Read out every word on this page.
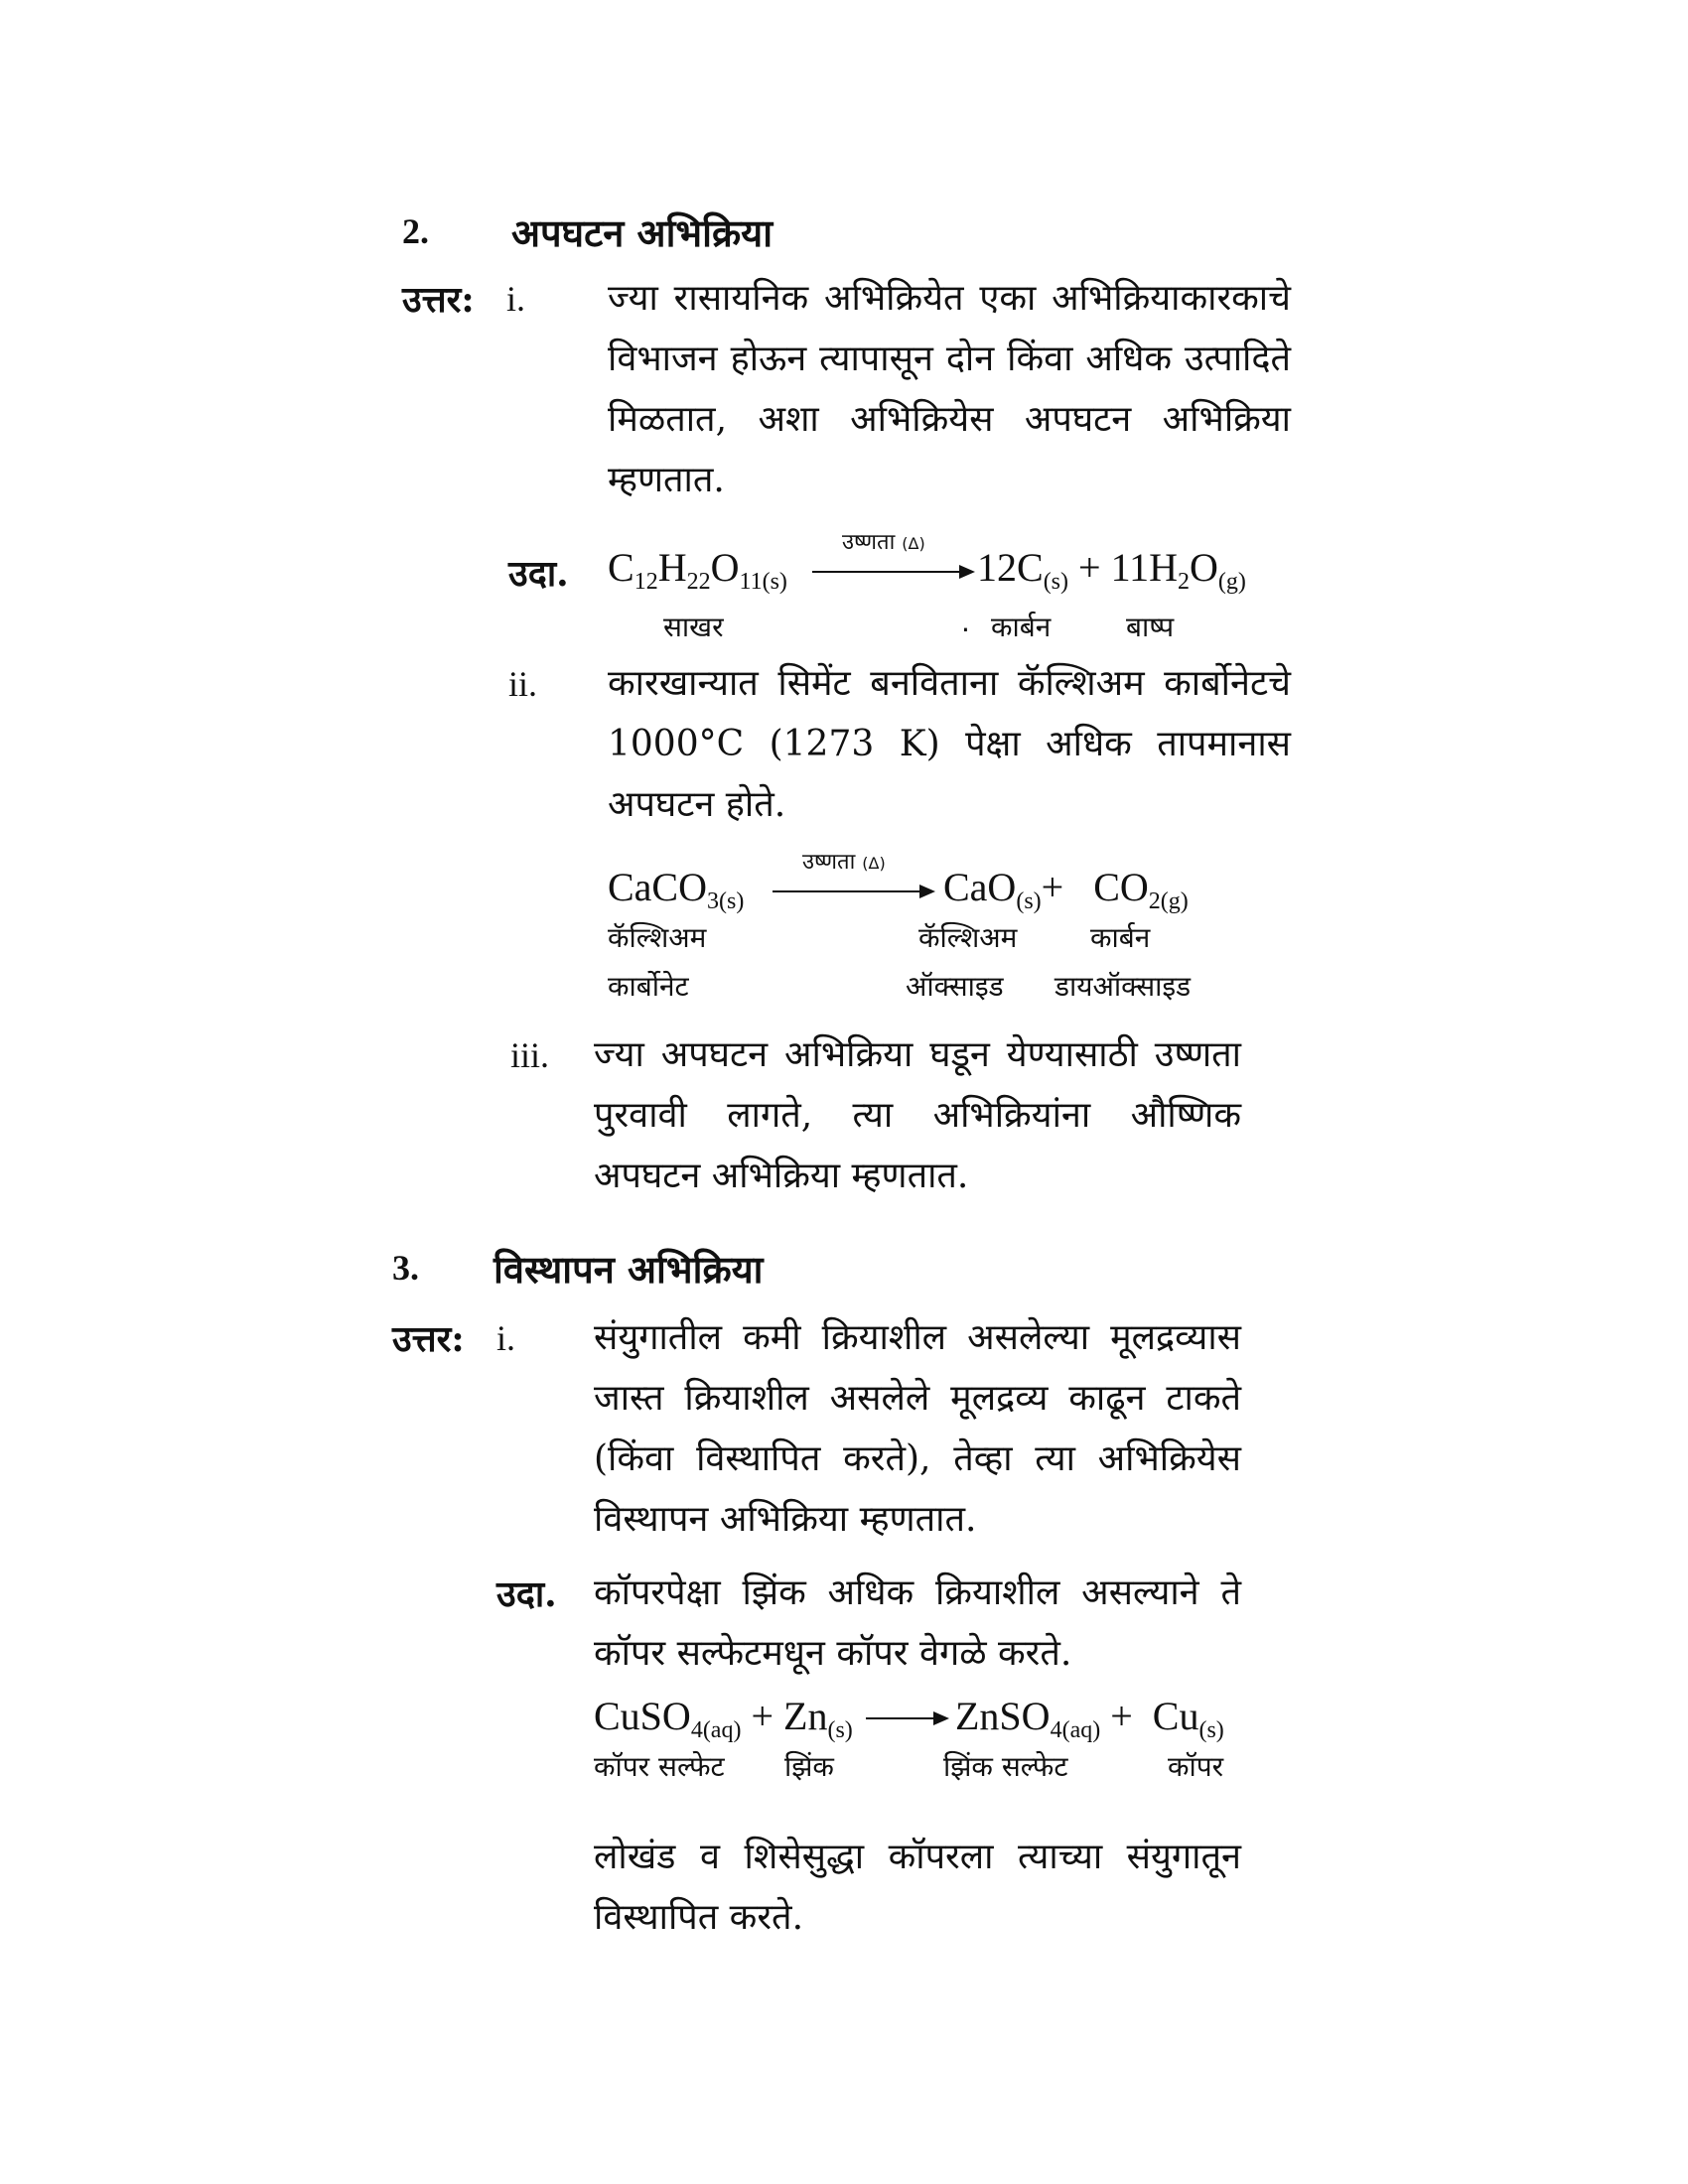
2. अपघटन अभिक्रिया
उत्तर: i. ज्या रासायनिक अभिक्रियेत एका अभिक्रियाकारकाचे विभाजन होऊन त्यापासून दोन किंवा अधिक उत्पादिते मिळतात, अशा अभिक्रियेस अपघटन अभिक्रिया म्हणतात.
उदा. $C_{12}H_{22}O_{11(s)}$
उष्णता (Δ)
$12C_{(s)} + 11H_2O_{(g)}$
साखर	. कार्बन	बाष्प
ii. कारखान्यात सिमेंट बनविताना कॅल्शिअम कार्बोनेटचे 1000°C (1273 K) पेक्षा अधिक तापमानास अपघटन होते.
CaCO$_{3(s)}$
उष्णता (Δ)
$CaO_{(s)}+ CO_{2(g)}$
कॅल्शिअम
कार्बोनेट
कॅल्शिअम
ऑक्साइड
कार्बन
डायऑक्साइड
iii. ज्या अपघटन अभिक्रिया घडून येण्यासाठी उष्णता पुरवावी लागते, त्या अभिक्रियांना औष्णिक अपघटन अभिक्रिया म्हणतात.
3. विस्थापन अभिक्रिया
उत्तर: i. संयुगातील कमी क्रियाशील असलेल्या मूलद्रव्यास जास्त क्रियाशील असलेले मूलद्रव्य काढून टाकते (किंवा विस्थापित करते), तेव्हा त्या अभिक्रियेस विस्थापन अभिक्रिया म्हणतात.
उदा. कॉपरपेक्षा झिंक अधिक क्रियाशील असल्याने ते कॉपर सल्फेटमधून कॉपर वेगळे करते.
CuSO$_{4(aq)}$ + $Zn_{(s)}$	ZnSO$_{4(aq)}$ + $Cu_{(s)}$
कॉपर सल्फेट झिंक	झिंक सल्फेट	कॉपर
लोखंड व शिसेसुद्धा कॉपरला त्याच्या संयुगातून विस्थापित करते.
